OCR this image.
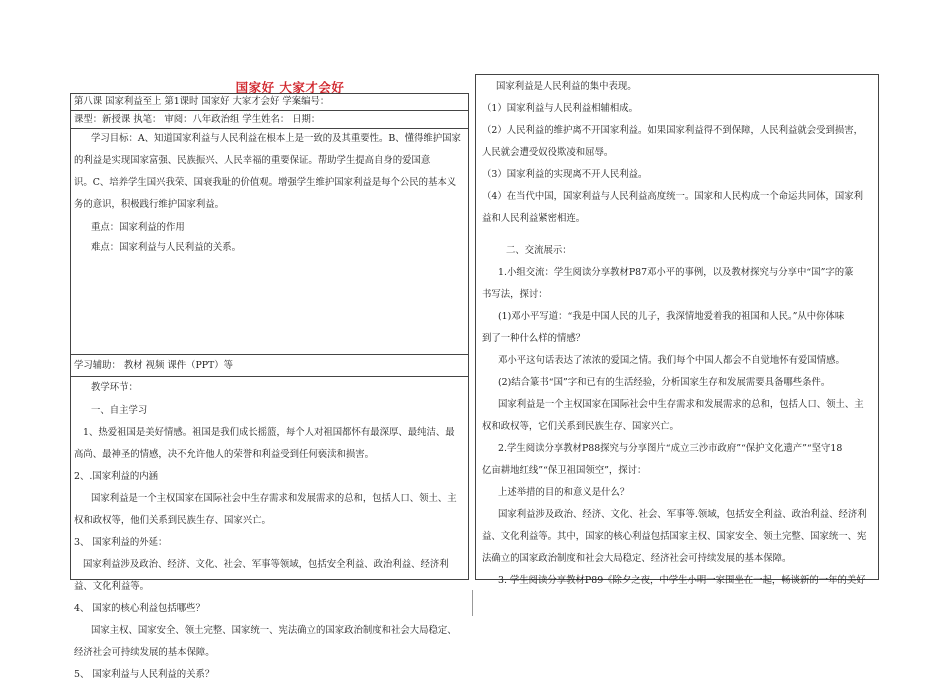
国家好 大家才会好
第八课 国家利益至上 第1课时 国家好 大家才会好 学案编号：
课型：新授课 执笔： 审阅：八年政治组 学生姓名： 日期：
学习目标：A、知道国家利益与人民利益在根本上是一致的及其重要性。B、懂得维护国家
的利益是实现国家富强、民族振兴、人民幸福的重要保证。帮助学生提高自身的爱国意
识。C、培养学生国兴我荣、国衰我耻的价值观。增强学生维护国家利益是每个公民的基本义
务的意识，积极践行维护国家利益。
重点：国家利益的作用
难点：国家利益与人民利益的关系。
学习辅助： 教材 视频 课件（PPT）等
教学环节：
一、自主学习
1、热爱祖国是美好情感。祖国是我们成长摇篮，每个人对祖国都怀有最深厚、最纯洁、最
高尚、最神圣的情感，决不允许他人的荣誉和利益受到任何亵渎和损害。
2、.国家利益的内涵
国家利益是一个主权国家在国际社会中生存需求和发展需求的总和，包括人口、领土、主
权和政权等，他们关系到民族生存、国家兴亡。
3、 国家利益的外延：
国家利益涉及政治、经济、文化、社会、军事等领域，包括安全利益、政治利益、经济利
益、文化利益等。
4、 国家的核心利益包括哪些？
国家主权、国家安全、领土完整、国家统一、宪法确立的国家政治制度和社会大局稳定、
经济社会可持续发展的基本保障。
5、 国家利益与人民利益的关系？
国家利益是人民利益的集中表现。
（1）国家利益与人民利益相辅相成。
（2）人民利益的维护离不开国家利益。如果国家利益得不到保障，人民利益就会受到损害，
人民就会遭受奴役欺凌和屈辱。
（3）国家利益的实现离不开人民利益。
（4）在当代中国，国家利益与人民利益高度统一。国家和人民构成一个命运共同体，国家利
益和人民利益紧密相连。
二、交流展示：
1.小组交流：学生阅读分享教材P87邓小平的事例，以及教材探究与分享中“国”字的篆
书写法，探讨：
(1)邓小平写道：“我是中国人民的儿子，我深情地爱着我的祖国和人民。”从中你体味
到了一种什么样的情感？
邓小平这句话表达了浓浓的爱国之情。我们每个中国人都会不自觉地怀有爱国情感。
(2)结合篆书“国”字和已有的生活经验，分析国家生存和发展需要具备哪些条件。
国家利益是一个主权国家在国际社会中生存需求和发展需求的总和，包括人口、领土、主
权和政权等，它们关系到民族生存、国家兴亡。
2.学生阅读分享教材P88探究与分享图片“成立三沙市政府”“保护文化遗产”“坚守18
亿亩耕地红线”“保卫祖国领空”，探讨：
上述举措的目的和意义是什么？
国家利益涉及政治、经济、文化、社会、军事等.领域，包括安全利益、政治利益、经济利
益、文化利益等。其中，国家的核心利益包括国家主权、国家安全、领土完整、国家统一、宪
法确立的国家政治制度和社会大局稳定、经济社会可持续发展的基本保障。
3. 学生阅读分享教材P89《除夕之夜，中学生小明一家围坐在一起，畅谈新的一年的美好
